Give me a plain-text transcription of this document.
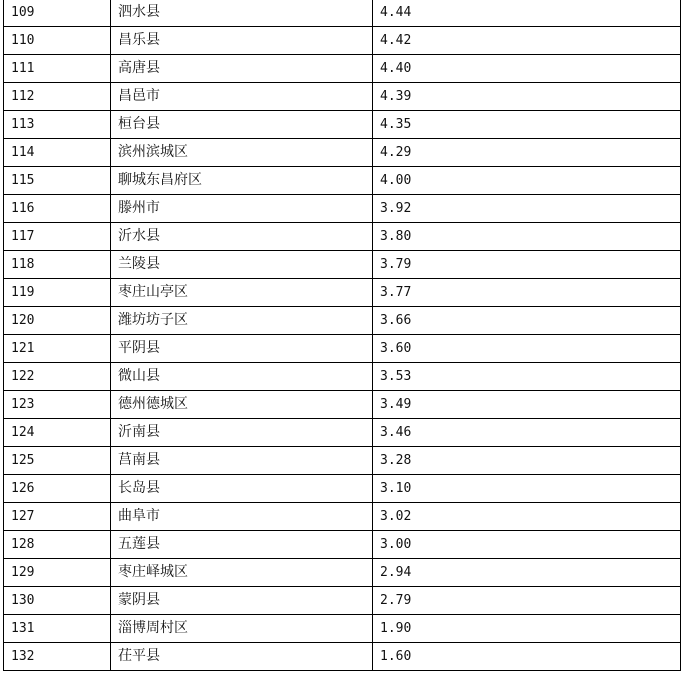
109	泗水县	4.44
110	昌乐县	4.42
111	高唐县	4.40
112	昌邑市	4.39
113	桓台县	4.35
114	滨州滨城区	4.29
115	聊城东昌府区	4.00
116	滕州市	3.92
117	沂水县	3.80
118	兰陵县	3.79
119	枣庄山亭区	3.77
120	潍坊坊子区	3.66
121	平阴县	3.60
122	微山县	3.53
123	德州德城区	3.49
124	沂南县	3.46
125	莒南县	3.28
126	长岛县	3.10
127	曲阜市	3.02
128	五莲县	3.00
129	枣庄峄城区	2.94
130	蒙阴县	2.79
131	淄博周村区	1.90
132	茌平县	1.60
